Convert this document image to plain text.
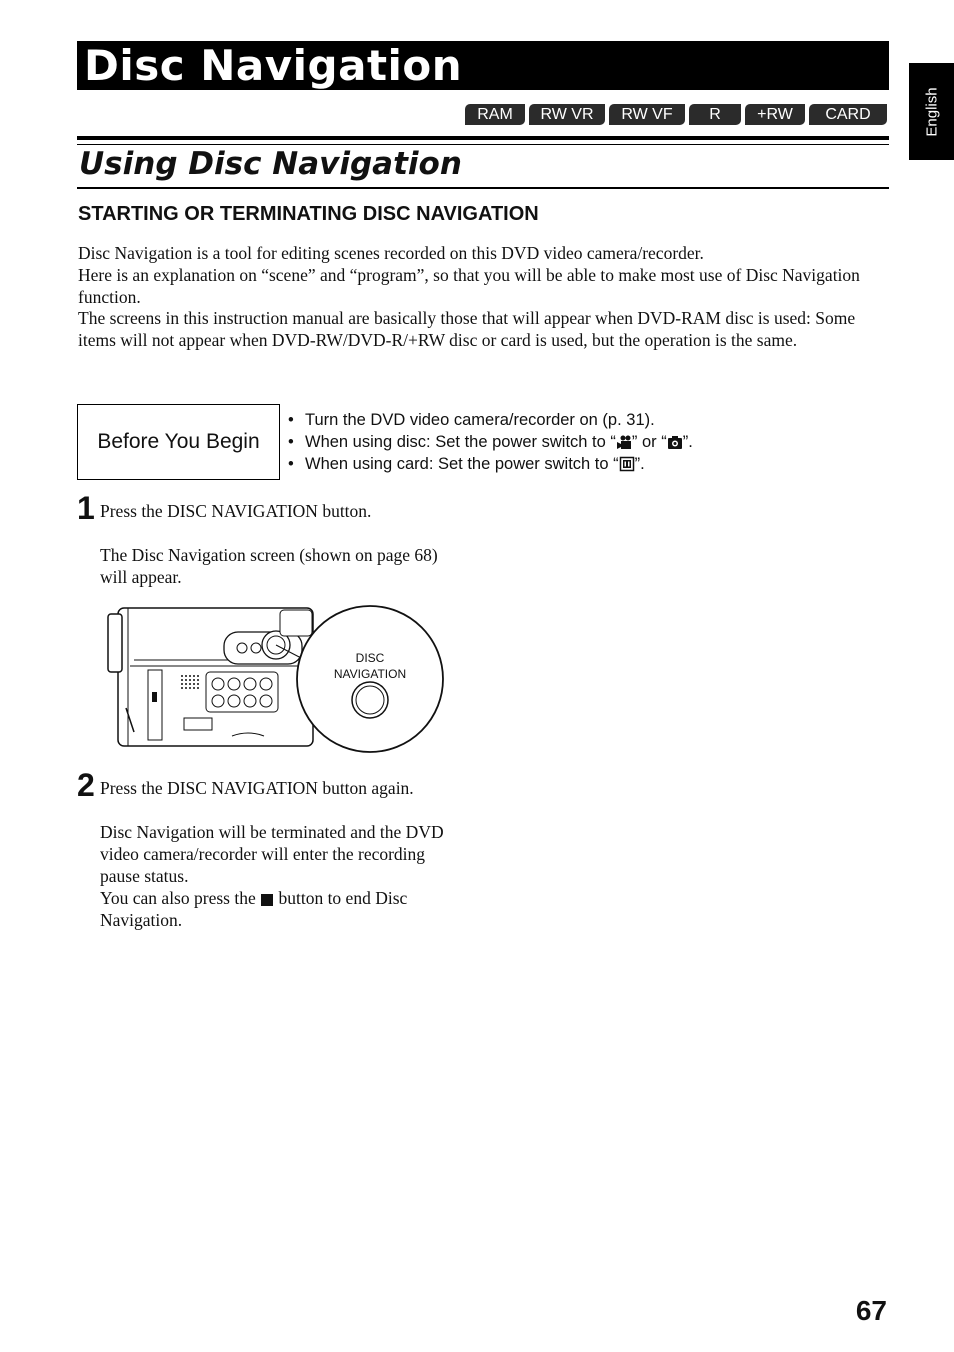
Disc Navigation
RAM	RW VR	RW VF	R	+RW	CARD	English
Using Disc Navigation
STARTING OR TERMINATING DISC NAVIGATION

Disc Navigation is a tool for editing scenes recorded on this DVD video camera/recorder.

Here is an explanation on “scene” and “program”, so that you will be able to make most use of Disc Navigation function.

The screens in this instruction manual are basically those that will appear when DVD-RAM disc is used: Some items will not appear when DVD-RW/DVD-R/+RW disc or card is used, but the operation is the same.

Before You Begin
• Turn the DVD video camera/recorder on (p. 31).
• When using disc: Set the power switch to “ ” or “ ”.
• When using card: Set the power switch to “ ”.
1 Press the DISC NAVIGATION button.

The Disc Navigation screen (shown on page 68) will appear.

DISC
NAVIGATION
2 Press the DISC NAVIGATION button again.

Disc Navigation will be terminated and the DVD video camera/recorder will enter the recording pause status.

You can also press the  button to end Disc Navigation.

67
